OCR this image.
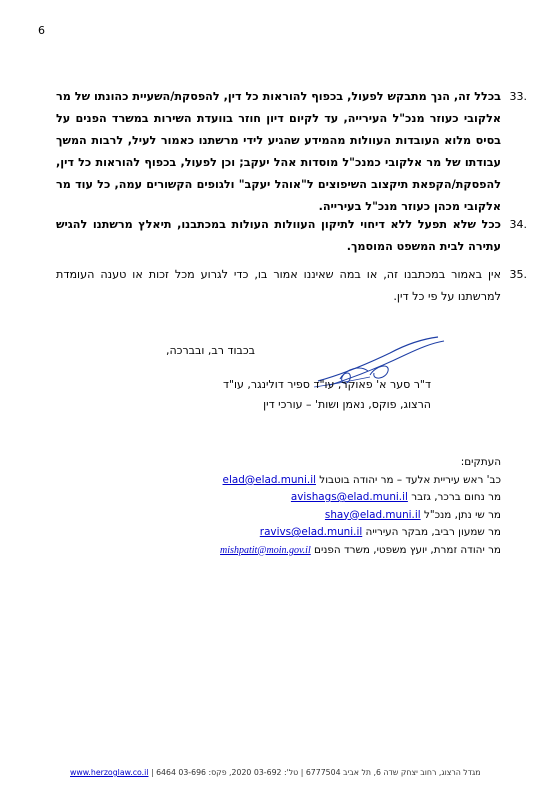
6
33.
בכלל זה, הנך מתבקש לפעול, בכפוף להוראות כל דין, להפסקת/השעיית כהונתו של מר אלקובי כעוזר מנכ"ל העירייה, עד לקיום דיון חוזר בוועדת השירות במשרד הפנים על בסיס מלוא העובדות העוולות מהמידע שהגיע לידי מרשתנו כאמור לעיל, לרבות המשך עבודתו של מר אלקובי כמנכ"ל מוסדות אהל יעקב; וכן לפעול, בכפוף להוראות כל דין, להפסקת/הקפאת תיקצוב השיפוצים ל"אוהל יעקב" ולגופים הקשורים עמה, כל עוד מר אלקובי מכהן כעוזר מנכ"ל בעירייה.
34.
ככל שלא תפעל ללא דיחוי לתיקון העוולות העולות במכתבנו, תיאלץ מרשתנו להגיש עתירה לבית המשפט המוסמך.
35.
אין באמור במכתבנו זה, או במה שאיננו אמור בו, כדי לגרוע מכל זכות או טענה העומדת למרשתנו על פי כל דין.
בכבוד רב, ובברכה,
ד"ר סער א' פאוקר, עו"ד ספיר דולינגר, עו"ד
הרצוג, פוקס, נאמן ושות' – עורכי דין
העתקים:
כב' ראש עיריית אלעד – מר יהודה בוטבול elad@elad.muni.il
מר נחום ברכר, גזבר avishags@elad.muni.il
מר שי נתן, מנכ"ל shay@elad.muni.il
מר שמעון רביב, מבקר העירייה ravivs@elad.muni.il
מר יהודה זמרת, יועץ משפטי, משרד הפנים mishpatit@moin.gov.il
מגדל הרצוג, רחוב יצחק שדה 6, תל אביב 6777504 | טל': 03-692 2020, פקס: 03-696 6464 | www.herzoglaw.co.il
